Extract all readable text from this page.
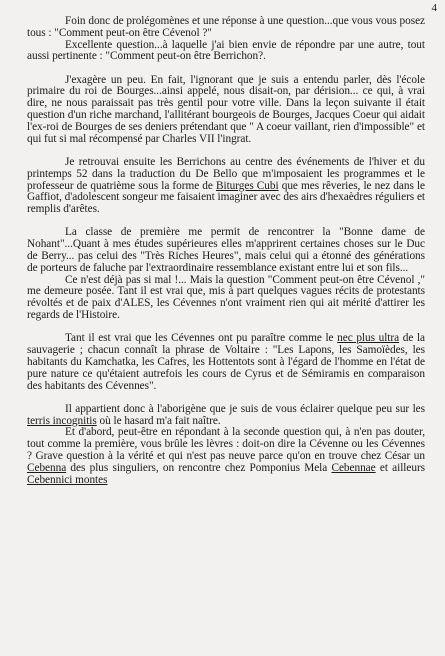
4

Foin donc de prolégomènes et une réponse à une question...que vous vous posez tous : "Comment peut-on être Cévenol ?"

Excellente question...à laquelle j'ai bien envie de répondre par une autre, tout aussi pertinente : "Comment peut-on être Berrichon?.

J'exagère un peu. En fait, l'ignorant que je suis a entendu parler, dès l'école primaire du roi de Bourges...ainsi appelé, nous disait-on, par dérision... ce qui, à vrai dire, ne nous paraissait pas très gentil pour votre ville. Dans la leçon suivante il était question d'un riche marchand, l'allitérant bourgeois de Bourges, Jacques Coeur qui aidait l'ex-roi de Bourges de ses deniers prétendant que " A coeur vaillant, rien d'impossible" et qui fut si mal récompensé par Charles VII l'ingrat.

Je retrouvai ensuite les Berrichons au centre des événements de l'hiver et du printemps 52 dans la traduction du De Bello que m'imposaient les programmes et le professeur de quatrième sous la forme de Biturges Cubi que mes rêveries, le nez dans le Gaffiot, d'adolescent songeur me faisaient imaginer avec des airs d'hexaèdres réguliers et remplis d'arêtes.

La classe de première me permit de rencontrer la "Bonne dame de Nohant"...Quant à mes études supérieures elles m'apprirent certaines choses sur le Duc de Berry... pas celui des "Très Riches Heures", mais celui qui a étonné des générations de porteurs de faluche par l'extraordinaire ressemblance existant entre lui et son fils...

Ce n'est déjà pas si mal !... Mais la question "Comment peut-on être Cévenol ," me demeure posée. Tant il est vrai que, mis à part quelques vagues récits de protestants révoltés et de paix d'ALES, les Cévennes n'ont vraiment rien qui ait mérité d'attirer les regards de l'Histoire.

Tant il est vrai que les Cévennes ont pu paraître comme le nec plus ultra de la sauvagerie ; chacun connaît la phrase de Voltaire : "Les Lapons, les Samoïèdes, les habitants du Kamchatka, les Cafres, les Hottentots sont à l'égard de l'homme en l'état de pure nature ce qu'étaient autrefois les cours de Cyrus et de Sémiramis en comparaison des habitants des Cévennes".

Il appartient donc à l'aborigène que je suis de vous éclairer quelque peu sur les terris incognitis où le hasard m'a fait naître.

Et d'abord, peut-être en répondant à la seconde question qui, à n'en pas douter, tout comme la première, vous brûle les lèvres : doit-on dire la Cévenne ou les Cévennes ? Grave question à la vérité et qui n'est pas neuve parce qu'on en trouve chez César un Cebenna des plus singuliers, on rencontre chez Pomponius Mela Cebennae et ailleurs Cebennici montes
